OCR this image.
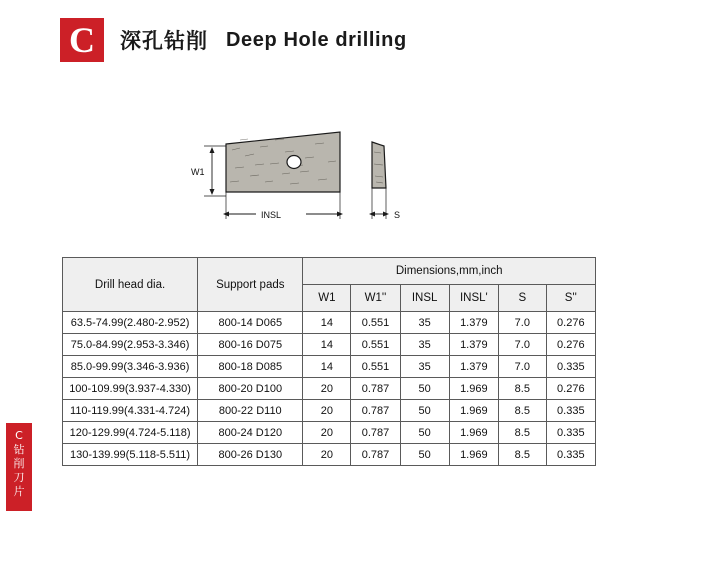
C	深孔钻削 Deep Hole drilling
W1
INSL	S
Drill head dia.	Support pads	Dimensions,mm,inch					
		W1	W1''	INSL	INSL'	S	S''
63.5-74.99(2.480-2.952)	800-14 D065	14	0.551	35	1.379	7.0	0.276
75.0-84.99(2.953-3.346)	800-16 D075	14	0.551	35	1.379	7.0	0.276
85.0-99.99(3.346-3.936)	800-18 D085	14	0.551	35	1.379	7.0	0.335
100-109.99(3.937-4.330)	800-20 D100	20	0.787	50	1.969	8.5	0.276
110-119.99(4.331-4.724)	800-22 D110	20	0.787	50	1.969	8.5	0.335
120-129.99(4.724-5.118)	800-24 D120	20	0.787	50	1.969	8.5	0.335
130-139.99(5.118-5.511)	800-26 D130	20	0.787	50	1.969	8.5	0.335
C
钻
削
刀
片
